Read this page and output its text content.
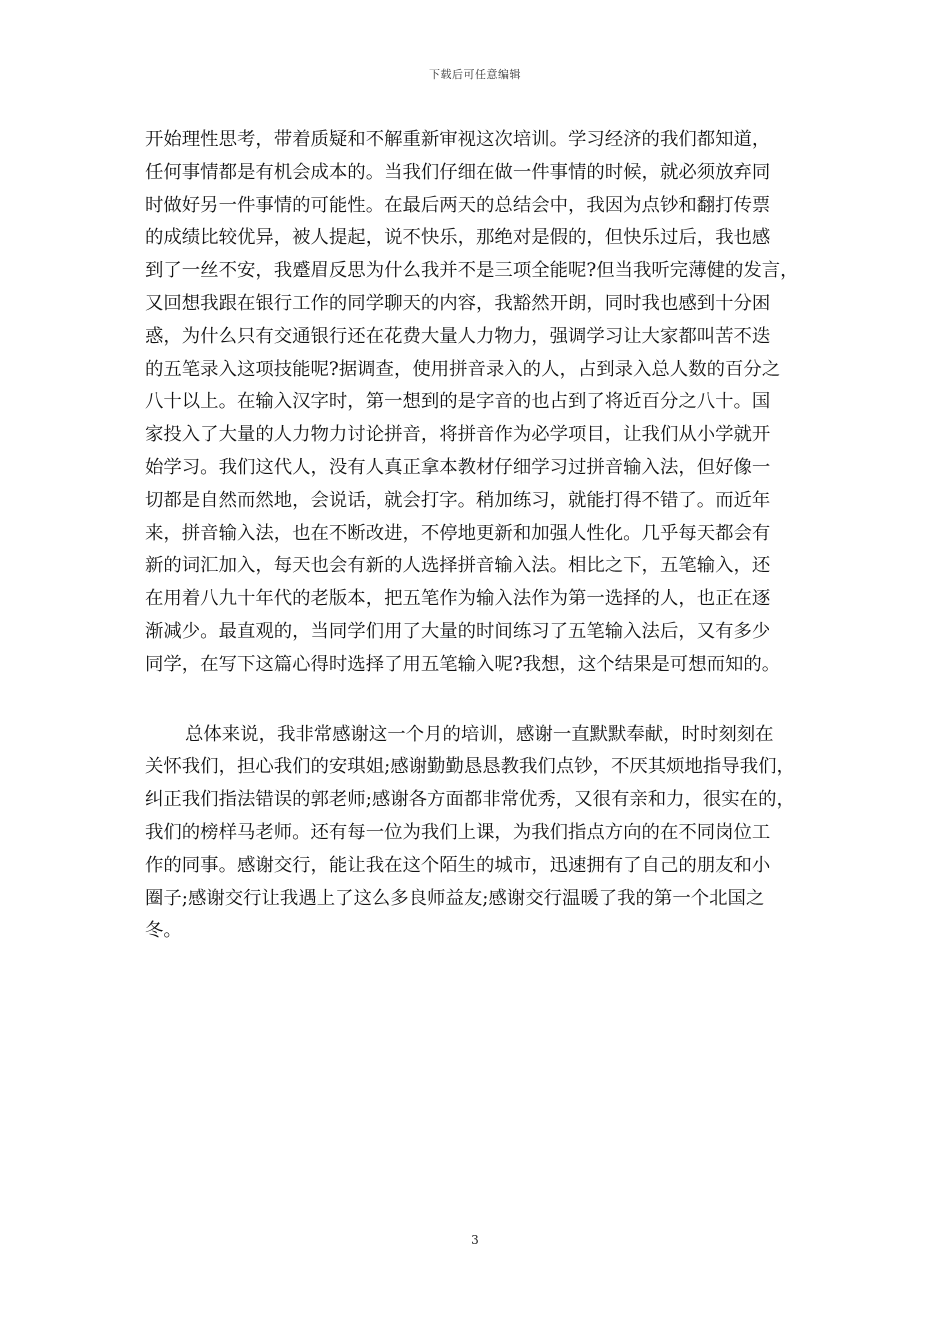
下载后可任意编辑
开始理性思考，带着质疑和不解重新审视这次培训。学习经济的我们都知道，
任何事情都是有机会成本的。当我们仔细在做一件事情的时候，就必须放弃同
时做好另一件事情的可能性。在最后两天的总结会中，我因为点钞和翻打传票
的成绩比较优异，被人提起，说不快乐，那绝对是假的，但快乐过后，我也感
到了一丝不安，我蹙眉反思为什么我并不是三项全能呢?但当我听完薄健的发言，
又回想我跟在银行工作的同学聊天的内容，我豁然开朗，同时我也感到十分困
惑，为什么只有交通银行还在花费大量人力物力，强调学习让大家都叫苦不迭
的五笔录入这项技能呢?据调查，使用拼音录入的人，占到录入总人数的百分之
八十以上。在输入汉字时，第一想到的是字音的也占到了将近百分之八十。国
家投入了大量的人力物力讨论拼音，将拼音作为必学项目，让我们从小学就开
始学习。我们这代人，没有人真正拿本教材仔细学习过拼音输入法，但好像一
切都是自然而然地，会说话，就会打字。稍加练习，就能打得不错了。而近年
来，拼音输入法，也在不断改进，不停地更新和加强人性化。几乎每天都会有
新的词汇加入，每天也会有新的人选择拼音输入法。相比之下，五笔输入，还
在用着八九十年代的老版本，把五笔作为输入法作为第一选择的人，也正在逐
渐减少。最直观的，当同学们用了大量的时间练习了五笔输入法后，又有多少
同学，在写下这篇心得时选择了用五笔输入呢?我想，这个结果是可想而知的。
总体来说，我非常感谢这一个月的培训，感谢一直默默奉献，时时刻刻在
关怀我们，担心我们的安琪姐;感谢勤勤恳恳教我们点钞，不厌其烦地指导我们，
纠正我们指法错误的郭老师;感谢各方面都非常优秀，又很有亲和力，很实在的，
我们的榜样马老师。还有每一位为我们上课，为我们指点方向的在不同岗位工
作的同事。感谢交行，能让我在这个陌生的城市，迅速拥有了自己的朋友和小
圈子;感谢交行让我遇上了这么多良师益友;感谢交行温暖了我的第一个北国之
冬。
3
